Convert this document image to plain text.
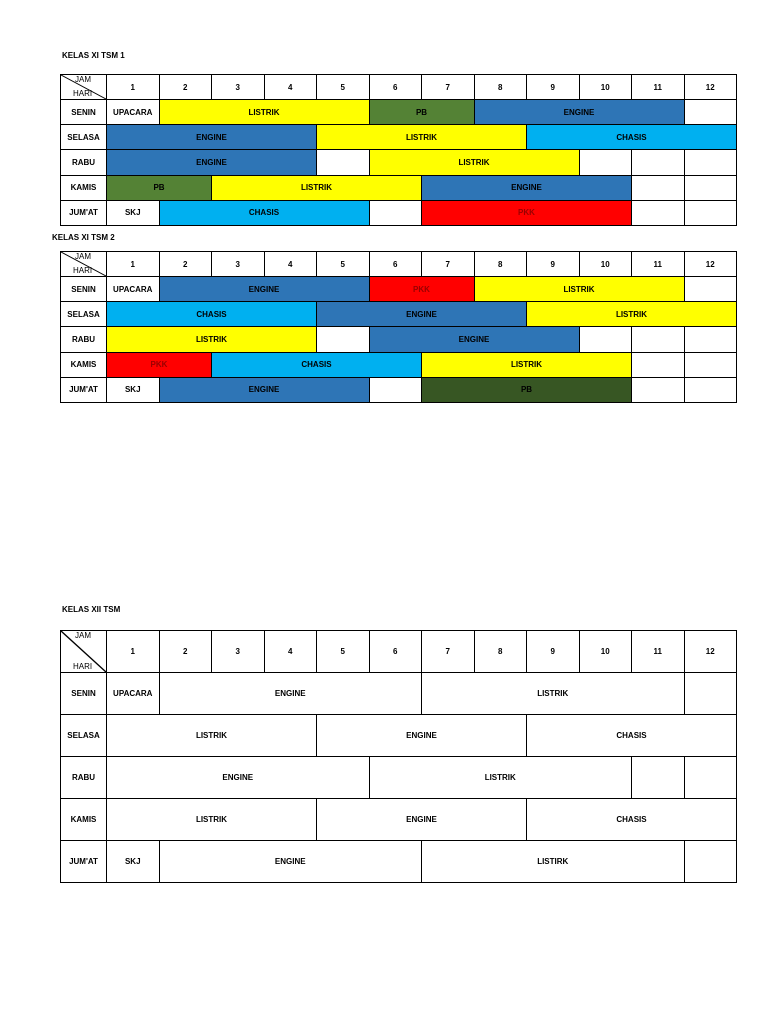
KELAS XI TSM 1
JAM
HARI	1	2	3	4	5	6	7	8	9	10	11	12
SENIN	UPACARA	LISTRIK				PB		ENGINE				
SELASA	ENGINE				LISTRIK				CHASIS			
RABU	ENGINE					LISTRIK						
KAMIS	PB		LISTRIK				ENGINE					
JUM'AT	SKJ	CHASIS					PKK					
KELAS XI TSM 2
JAM
HARI	1	2	3	4	5	6	7	8	9	10	11	12
SENIN	UPACARA	ENGINE				PKK		LISTRIK				
SELASA	CHASIS				ENGINE				LISTRIK			
RABU	LISTRIK					ENGINE						
KAMIS	PKK		CHASIS				LISTRIK					
JUM'AT	SKJ	ENGINE					PB					
KELAS XII TSM
JAM
HARI	1	2	3	4	5	6	7	8	9	10	11	12
SENIN	UPACARA	ENGINE					LISTRIK					
SELASA	LISTRIK				ENGINE				CHASIS			
RABU	ENGINE					LISTRIK						
KAMIS	LISTRIK				ENGINE				CHASIS			
JUM'AT	SKJ	ENGINE					LISTIRK					
